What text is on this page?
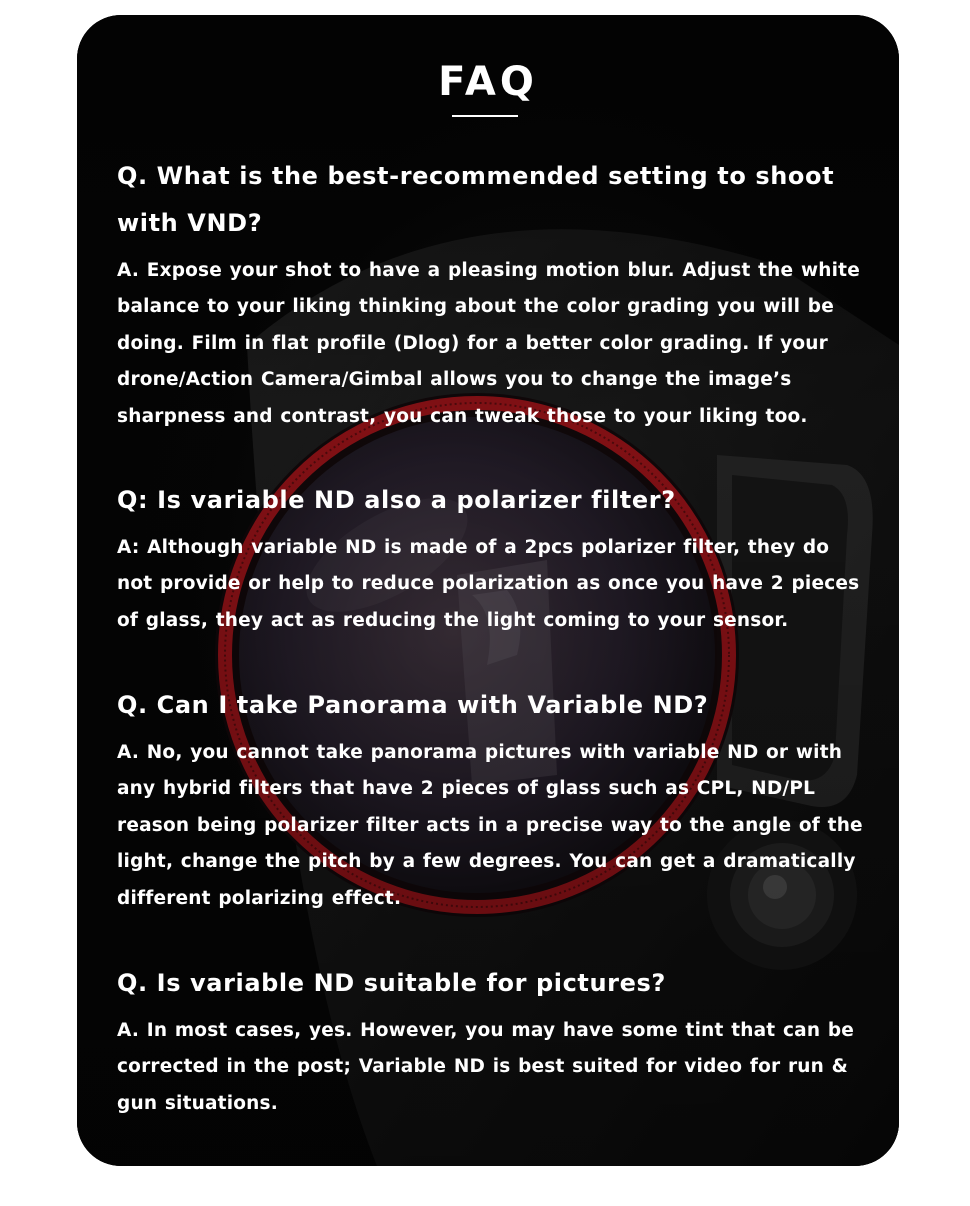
FAQ

Q. What is the best-recommended setting to shoot with VND?

A. Expose your shot to have a pleasing motion blur. Adjust the white
balance to your liking thinking about the color grading you will be
doing. Film in flat profile (Dlog) for a better color grading. If your
drone/Action Camera/Gimbal allows you to change the image’s
sharpness and contrast, you can tweak those to your liking too.

Q: Is variable ND also a polarizer filter?

A: Although variable ND is made of a 2pcs polarizer filter, they do
not provide or help to reduce polarization as once you have 2 pieces
of glass, they act as reducing the light coming to your sensor.

Q. Can I take Panorama with Variable ND?

A. No, you cannot take panorama pictures with variable ND or with
any hybrid filters that have 2 pieces of glass such as CPL, ND/PL
reason being polarizer filter acts in a precise way to the angle of the
light, change the pitch by a few degrees. You can get a dramatically
different polarizing effect.

Q. Is variable ND suitable for pictures?

A. In most cases, yes. However, you may have some tint that can be
corrected in the post; Variable ND is best suited for video for run &
gun situations.
